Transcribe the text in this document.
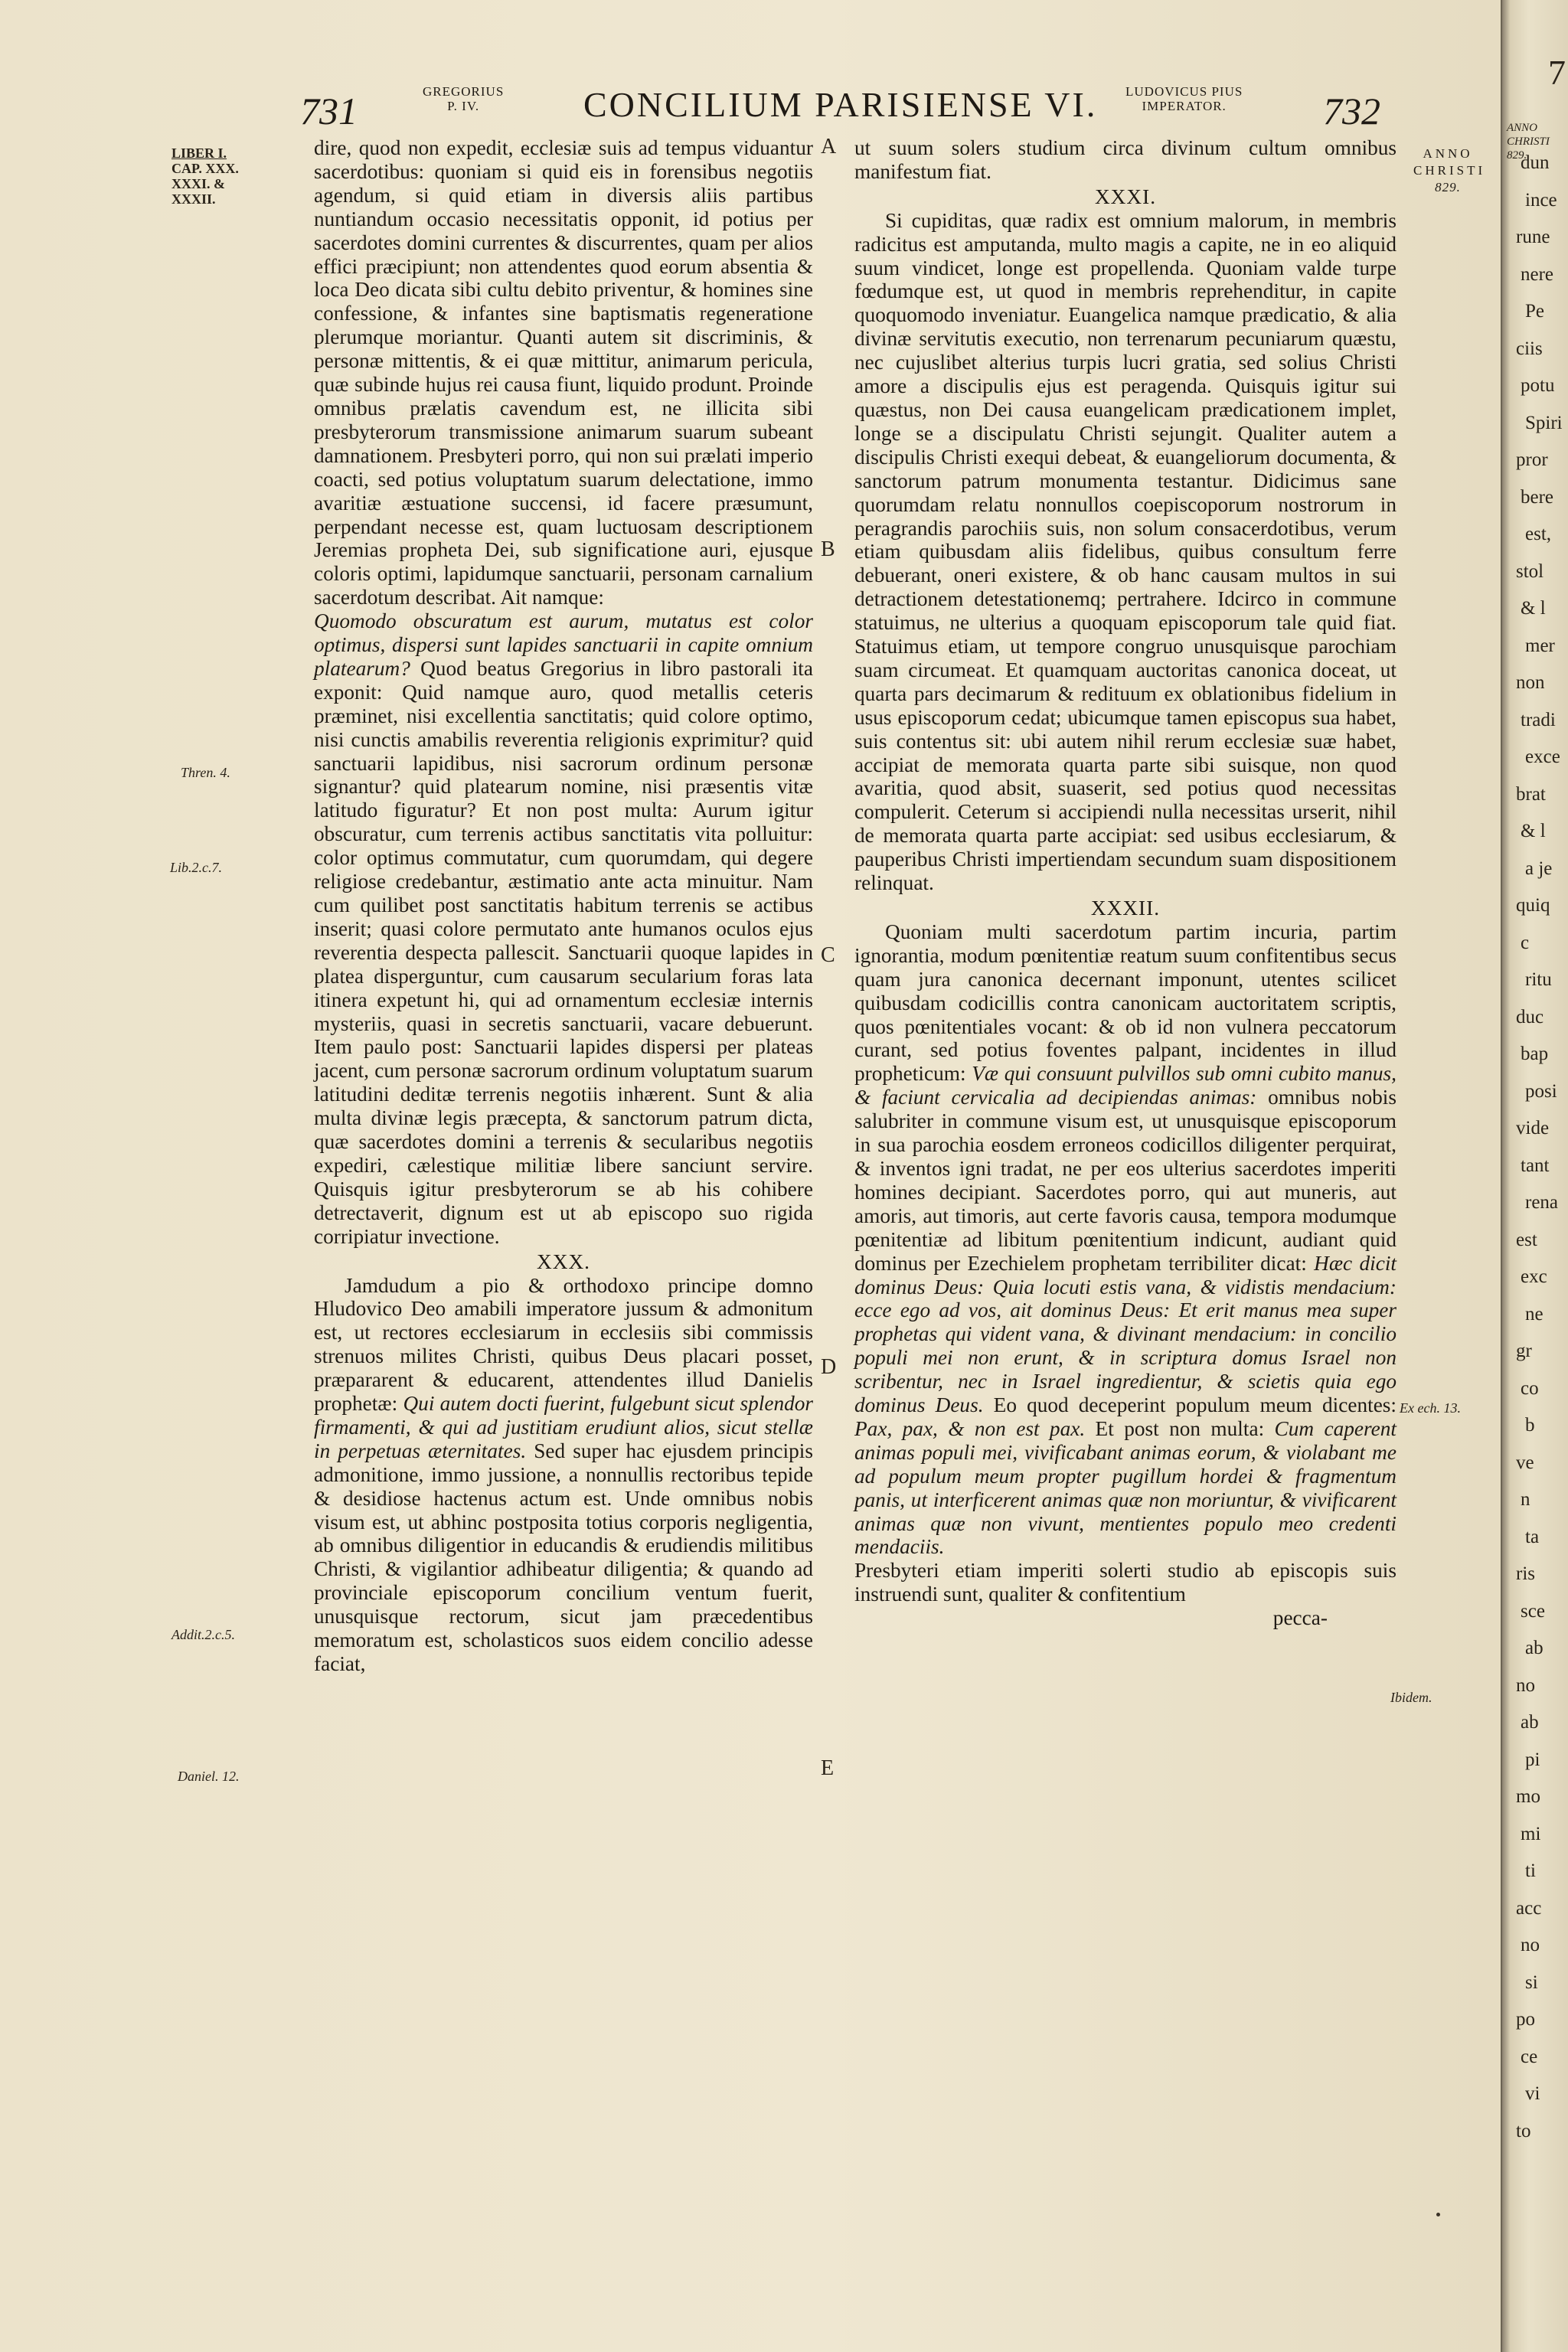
731	GREGORIUS
P. IV.	CONCILIUM PARISIENSE VI. LUDOVICUS PIUS
IMPERATOR.	732
ANNO CHRISTI
829.
LIBER I.
CAP. XXX.
XXXI. &
XXXII.
Thren. 4.
Lib.2.c.7.
Addit.2.c.5.
Daniel. 12.
Ex ech. 13.
Ibidem.
A
B
C
D
E

dire, quod non expedit, ecclesiæ suis ad tempus viduantur sacerdotibus: quoniam si quid eis in forensibus negotiis agendum, si quid etiam in diversis aliis partibus nuntiandum occasio necessitatis opponit, id potius per sacerdotes domini currentes & discurrentes, quam per alios effici præcipiunt; non attendentes quod eorum absentia & loca Deo dicata sibi cultu debito priventur, & homines sine confessione, & infantes sine baptismatis regeneratione plerumque moriantur. Quanti autem sit discriminis, & personæ mittentis, & ei quæ mittitur, animarum pericula, quæ subinde hujus rei causa fiunt, liquido produnt. Proinde omnibus prælatis cavendum est, ne illicita sibi presbyterorum transmissione animarum suarum subeant damnationem. Presbyteri porro, qui non sui prælati imperio coacti, sed potius voluptatum suarum delectatione, immo avaritiæ æstuatione succensi, id facere præsumunt, perpendant necesse est, quam luctuosam descriptionem Jeremias propheta Dei, sub significatione auri, ejusque coloris optimi, lapidumque sanctuarii, personam carnalium sacerdotum describat. Ait namque:

Quomodo obscuratum est aurum, mutatus est color optimus, dispersi sunt lapides sanctuarii in capite omnium platearum? Quod beatus Gregorius in libro pastorali ita exponit: Quid namque auro, quod metallis ceteris præminet, nisi excellentia sanctitatis; quid colore optimo, nisi cunctis amabilis reverentia religionis exprimitur? quid sanctuarii lapidibus, nisi sacrorum ordinum personæ signantur? quid platearum nomine, nisi præsentis vitæ latitudo figuratur? Et non post multa: Aurum igitur obscuratur, cum terrenis actibus sanctitatis vita polluitur: color optimus commutatur, cum quorumdam, qui degere religiose credebantur, æstimatio ante acta minuitur. Nam cum quilibet post sanctitatis habitum terrenis se actibus inserit; quasi colore permutato ante humanos oculos ejus reverentia despecta pallescit. Sanctuarii quoque lapides in platea disperguntur, cum causarum secularium foras lata itinera expetunt hi, qui ad ornamentum ecclesiæ internis mysteriis, quasi in secretis sanctuarii, vacare debuerunt. Item paulo post: Sanctuarii lapides dispersi per plateas jacent, cum personæ sacrorum ordinum voluptatum suarum latitudini deditæ terrenis negotiis inhærent. Sunt & alia multa divinæ legis præcepta, & sanctorum patrum dicta, quæ sacerdotes domini a terrenis & secularibus negotiis expediri, cælestique militiæ libere sanciunt servire. Quisquis igitur presbyterorum se ab his cohibere detrectaverit, dignum est ut ab episcopo suo rigida corripiatur invectione.

XXX.

Jamdudum a pio & orthodoxo principe domno Hludovico Deo amabili imperatore jussum & admonitum est, ut rectores ecclesiarum in ecclesiis sibi commissis strenuos milites Christi, quibus Deus placari posset, præpararent & educarent, attendentes illud Danielis prophetæ: Qui autem docti fuerint, fulgebunt sicut splendor firmamenti, & qui ad justitiam erudiunt alios, sicut stellæ in perpetuas æternitates. Sed super hac ejusdem principis admonitione, immo jussione, a nonnullis rectoribus tepide & desidiose hactenus actum est. Unde omnibus nobis visum est, ut abhinc postposita totius corporis negligentia, ab omnibus diligentior in educandis & erudiendis militibus Christi, & vigilantior adhibeatur diligentia; & quando ad provinciale episcoporum concilium ventum fuerit, unusquisque rectorum, sicut jam præcedentibus memoratum est, scholasticos suos eidem concilio adesse faciat,

ut suum solers studium circa divinum cultum omnibus manifestum fiat.

XXXI.

Si cupiditas, quæ radix est omnium malorum, in membris radicitus est amputanda, multo magis a capite, ne in eo aliquid suum vindicet, longe est propellenda. Quoniam valde turpe fœdumque est, ut quod in membris reprehenditur, in capite quoquomodo inveniatur. Euangelica namque prædicatio, & alia divinæ servitutis executio, non terrenarum pecuniarum quæstu, nec cujuslibet alterius turpis lucri gratia, sed solius Christi amore a discipulis ejus est peragenda. Quisquis igitur sui quæstus, non Dei causa euangelicam prædicationem implet, longe se a discipulatu Christi sejungit. Qualiter autem a discipulis Christi exequi debeat, & euangeliorum documenta, & sanctorum patrum monumenta testantur. Didicimus sane quorumdam relatu nonnullos coepiscoporum nostrorum in peragrandis parochiis suis, non solum consacerdotibus, verum etiam quibusdam aliis fidelibus, quibus consultum ferre debuerant, oneri existere, & ob hanc causam multos in sui detractionem detestationemq; pertrahere. Idcirco in commune statuimus, ne ulterius a quoquam episcoporum tale quid fiat. Statuimus etiam, ut tempore congruo unusquisque parochiam suam circumeat. Et quamquam auctoritas canonica doceat, ut quarta pars decimarum & redituum ex oblationibus fidelium in usus episcoporum cedat; ubicumque tamen episcopus sua habet, suis contentus sit: ubi autem nihil rerum ecclesiæ suæ habet, accipiat de memorata quarta parte sibi suisque, non quod avaritia, quod absit, suaserit, sed potius quod necessitas compulerit. Ceterum si accipiendi nulla necessitas urserit, nihil de memorata quarta parte accipiat: sed usibus ecclesiarum, & pauperibus Christi impertiendam secundum suam dispositionem relinquat.

XXXII.

Quoniam multi sacerdotum partim incuria, partim ignorantia, modum pœnitentiæ reatum suum confitentibus secus quam jura canonica decernant imponunt, utentes scilicet quibusdam codicillis contra canonicam auctoritatem scriptis, quos pœnitentiales vocant: & ob id non vulnera peccatorum curant, sed potius foventes palpant, incidentes in illud propheticum: Væ qui consuunt pulvillos sub omni cubito manus, & faciunt cervicalia ad decipiendas animas: omnibus nobis salubriter in commune visum est, ut unusquisque episcoporum in sua parochia eosdem erroneos codicillos diligenter perquirat, & inventos igni tradat, ne per eos ulterius sacerdotes imperiti homines decipiant. Sacerdotes porro, qui aut muneris, aut amoris, aut timoris, aut certe favoris causa, tempora modumque pœnitentiæ ad libitum pœnitentium indicunt, audiant quid dominus per Ezechielem prophetam terribiliter dicat: Hæc dicit dominus Deus: Quia locuti estis vana, & vidistis mendacium: ecce ego ad vos, ait dominus Deus: Et erit manus mea super prophetas qui vident vana, & divinant mendacium: in concilio populi mei non erunt, & in scriptura domus Israel non scribentur, nec in Israel ingredientur, & scietis quia ego dominus Deus. Eo quod deceperint populum meum dicentes: Pax, pax, & non est pax. Et post non multa: Cum caperent animas populi mei, vivificabant animas eorum, & violabant me ad populum meum propter pugillum hordei & fragmentum panis, ut interficerent animas quæ non moriuntur, & vivificarent animas quæ non vivunt, mentientes populo meo credenti mendaciis.

Presbyteri etiam imperiti solerti studio ab episcopis suis instruendi sunt, qualiter & confitentium

pecca-
7
ANNO
CHRISTI
829.
dun
ince
rune
nere
Pe
ciis
potu
Spiri
pror
bere
est,
stol
& l
mer
non
tradi
exce
brat
& l
a je
quiq
c
ritu
duc
bap
posi
vide
tant
rena
est
exc
ne
gr
co
b
ve
n
ta
ris
sce
ab
no
ab
pi
mo
mi
ti
acc
no
si
po
ce
vi
to
